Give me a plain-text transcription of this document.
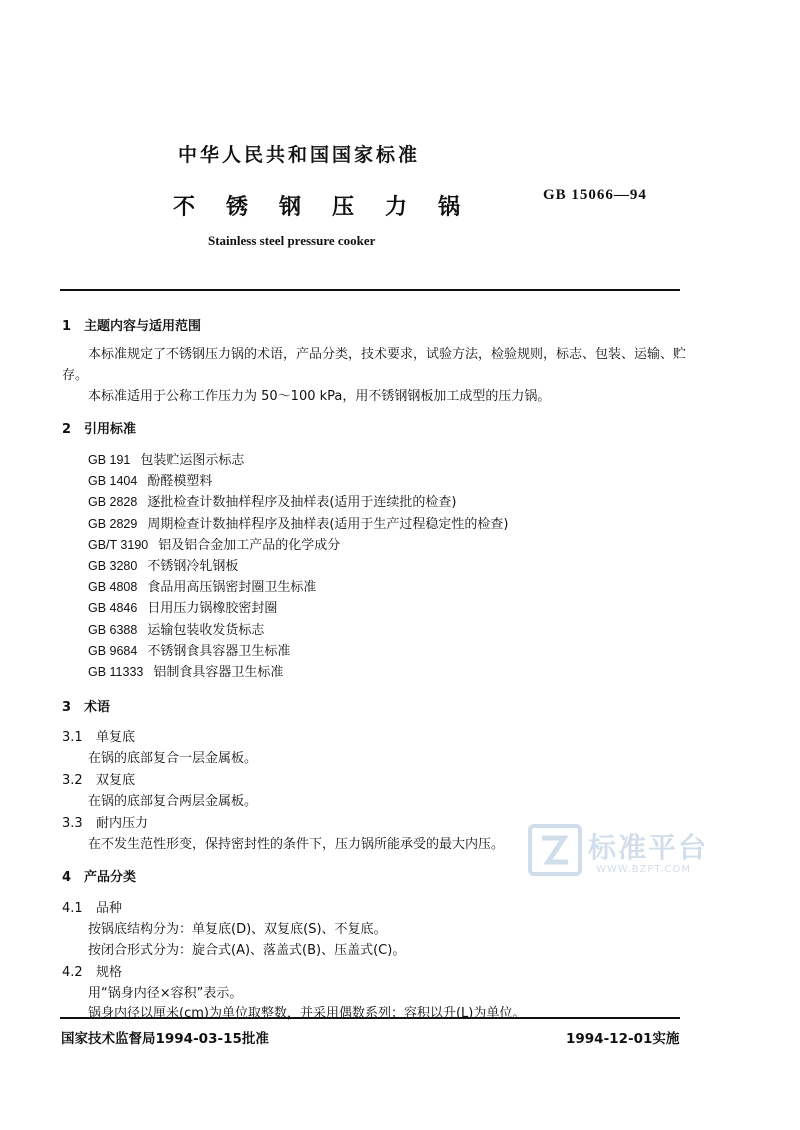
中华人民共和国国家标准
不锈钢压力锅	GB 15066—94
Stainless steel pressure cooker
1 主题内容与适用范围
本标准规定了不锈钢压力锅的术语，产品分类，技术要求，试验方法，检验规则，标志、包装、运输、贮
存。
本标准适用于公称工作压力为 50～100 kPa，用不锈钢钢板加工成型的压力锅。
2 引用标准
GB 191 包装贮运图示标志
GB 1404 酚醛模塑料
GB 2828 逐批检查计数抽样程序及抽样表(适用于连续批的检查)
GB 2829 周期检查计数抽样程序及抽样表(适用于生产过程稳定性的检查)
GB/T 3190 铝及铝合金加工产品的化学成分
GB 3280 不锈钢冷轧钢板
GB 4808 食品用高压锅密封圈卫生标准
GB 4846 日用压力锅橡胶密封圈
GB 6388 运输包装收发货标志
GB 9684 不锈钢食具容器卫生标准
GB 11333 铝制食具容器卫生标准
3 术语
3.1 单复底
在锅的底部复合一层金属板。
3.2 双复底
在锅的底部复合两层金属板。
3.3 耐内压力
在不发生范性形变，保持密封性的条件下，压力锅所能承受的最大内压。
4 产品分类
4.1 品种
按锅底结构分为：单复底(D)、双复底(S)、不复底。
按闭合形式分为：旋合式(A)、落盖式(B)、压盖式(C)。
4.2 规格
用“锅身内径×容积”表示。
锅身内径以厘米(cm)为单位取整数，并采用偶数系列；容积以升(L)为单位。
国家技术监督局1994-03-15批准	1994-12-01实施
标准平台
WWW.BZPT.COM
